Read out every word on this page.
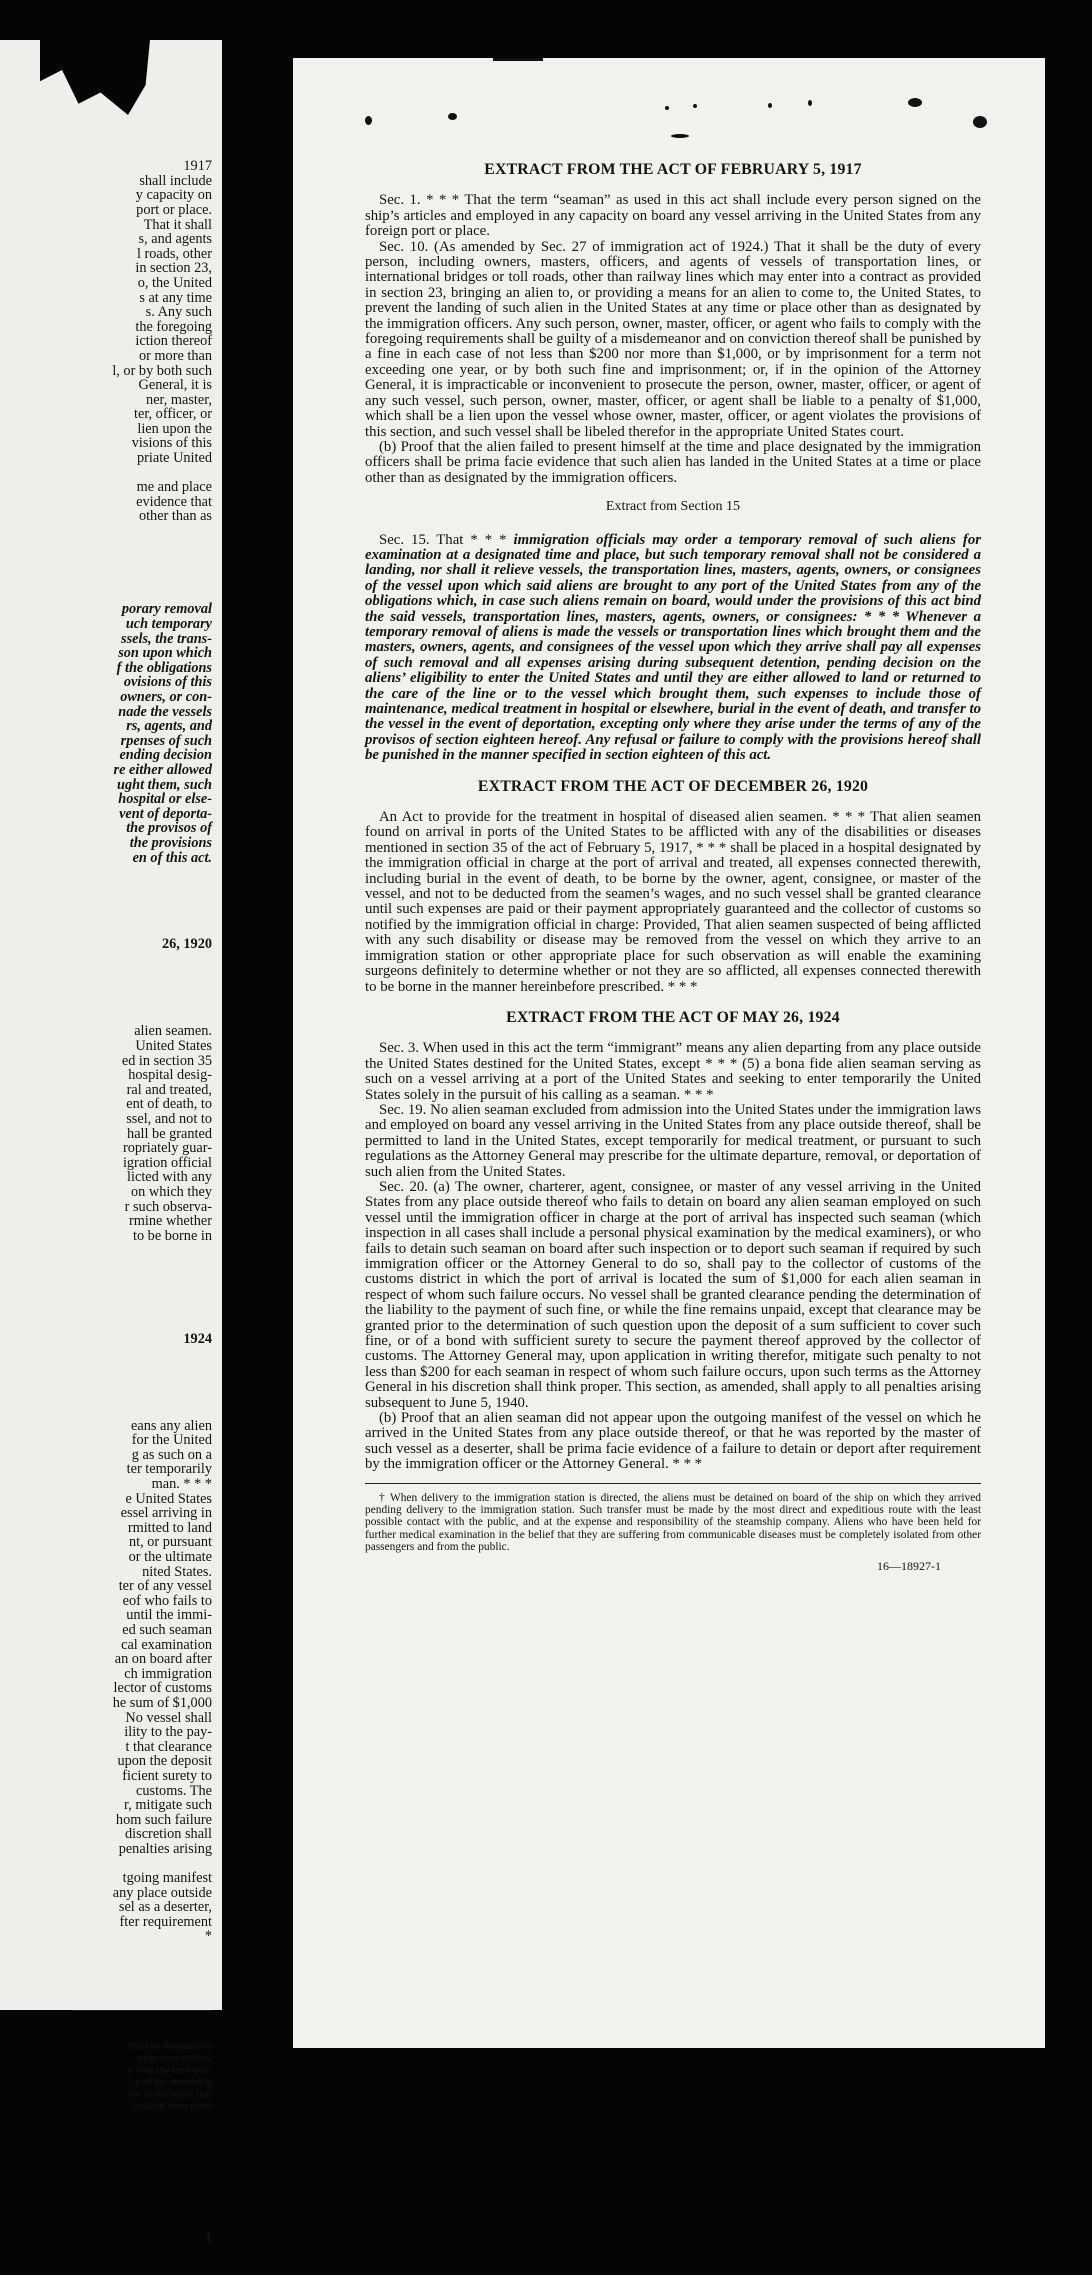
1917
shall include
y capacity on
port or place.
That it shall
s, and agents
l roads, other
in section 23,
o, the United
s at any time
s. Any such
the foregoing
iction thereof
or more than
l, or by both such
General, it is
ner, master,
ter, officer, or
lien upon the
visions of this
priate United

me and place
evidence that
other than as

porary removal
uch temporary
ssels, the trans-
son upon which
f the obligations
ovisions of this
owners, or con-
nade the vessels
rs, agents, and
rpenses of such
ending decision
re either allowed
ught them, such
hospital or else-
vent of deporta-
the provisos of
the provisions
en of this act.

26, 1920

alien seamen.
United States
ed in section 35
hospital desig-
ral and treated,
ent of death, to
ssel, and not to
hall be granted
ropriately guar-
igration official
licted with any
on which they
r such observa-
rmine whether
to be borne in

1924

eans any alien
for the United
g as such on a
ter temporarily
man. * * *
e United States
essel arriving in
rmitted to land
nt, or pursuant
or the ultimate
nited States.
ter of any vessel
eof who fails to
until the immi-
ed such seaman
cal examination
an on board after
ch immigration
lector of customs
he sum of $1,000
No vessel shall
ility to the pay-
t that clearance
upon the deposit
ficient surety to
customs. The
r, mitigate such
hom such failure
discretion shall
penalties arising

tgoing manifest
any place outside
sel as a deserter,
fter requirement
*

must be detained on
migration station.
e with the least pos-
y of the steamship
ion in the belief that
isolated from other

1

EXTRACT FROM THE ACT OF FEBRUARY 5, 1917

Sec. 1. * * * That the term “seaman” as used in this act shall include every person signed on the ship’s articles and employed in any capacity on board any vessel arriving in the United States from any foreign port or place.

Sec. 10. (As amended by Sec. 27 of immigration act of 1924.) That it shall be the duty of every person, including owners, masters, officers, and agents of vessels of transportation lines, or international bridges or toll roads, other than railway lines which may enter into a contract as provided in section 23, bringing an alien to, or providing a means for an alien to come to, the United States, to prevent the landing of such alien in the United States at any time or place other than as designated by the immigration officers. Any such person, owner, master, officer, or agent who fails to comply with the foregoing requirements shall be guilty of a misdemeanor and on conviction thereof shall be punished by a fine in each case of not less than $200 nor more than $1,000, or by imprisonment for a term not exceeding one year, or by both such fine and imprisonment; or, if in the opinion of the Attorney General, it is impracticable or inconvenient to prosecute the person, owner, master, officer, or agent of any such vessel, such person, owner, master, officer, or agent shall be liable to a penalty of $1,000, which shall be a lien upon the vessel whose owner, master, officer, or agent violates the provisions of this section, and such vessel shall be libeled therefor in the appropriate United States court.

(b) Proof that the alien failed to present himself at the time and place designated by the immigration officers shall be prima facie evidence that such alien has landed in the United States at a time or place other than as designated by the immigration officers.

Extract from Section 15

Sec. 15. That * * * immigration officials may order a temporary removal of such aliens for examination at a designated time and place, but such temporary removal shall not be considered a landing, nor shall it relieve vessels, the transportation lines, masters, agents, owners, or consignees of the vessel upon which said aliens are brought to any port of the United States from any of the obligations which, in case such aliens remain on board, would under the provisions of this act bind the said vessels, transportation lines, masters, agents, owners, or consignees: * * * Whenever a temporary removal of aliens is made the vessels or transportation lines which brought them and the masters, owners, agents, and consignees of the vessel upon which they arrive shall pay all expenses of such removal and all expenses arising during subsequent detention, pending decision on the aliens’ eligibility to enter the United States and until they are either allowed to land or returned to the care of the line or to the vessel which brought them, such expenses to include those of maintenance, medical treatment in hospital or elsewhere, burial in the event of death, and transfer to the vessel in the event of deportation, excepting only where they arise under the terms of any of the provisos of section eighteen hereof. Any refusal or failure to comply with the provisions hereof shall be punished in the manner specified in section eighteen of this act.

EXTRACT FROM THE ACT OF DECEMBER 26, 1920

An Act to provide for the treatment in hospital of diseased alien seamen. * * * That alien seamen found on arrival in ports of the United States to be afflicted with any of the disabilities or diseases mentioned in section 35 of the act of February 5, 1917, * * * shall be placed in a hospital designated by the immigration official in charge at the port of arrival and treated, all expenses connected therewith, including burial in the event of death, to be borne by the owner, agent, consignee, or master of the vessel, and not to be deducted from the seamen’s wages, and no such vessel shall be granted clearance until such expenses are paid or their payment appropriately guaranteed and the collector of customs so notified by the immigration official in charge: Provided, That alien seamen suspected of being afflicted with any such disability or disease may be removed from the vessel on which they arrive to an immigration station or other appropriate place for such observation as will enable the examining surgeons definitely to determine whether or not they are so afflicted, all expenses connected therewith to be borne in the manner hereinbefore prescribed. * * *

EXTRACT FROM THE ACT OF MAY 26, 1924

Sec. 3. When used in this act the term “immigrant” means any alien departing from any place outside the United States destined for the United States, except * * * (5) a bona fide alien seaman serving as such on a vessel arriving at a port of the United States and seeking to enter temporarily the United States solely in the pursuit of his calling as a seaman. * * *

Sec. 19. No alien seaman excluded from admission into the United States under the immigration laws and employed on board any vessel arriving in the United States from any place outside thereof, shall be permitted to land in the United States, except temporarily for medical treatment, or pursuant to such regulations as the Attorney General may prescribe for the ultimate departure, removal, or deportation of such alien from the United States.

Sec. 20. (a) The owner, charterer, agent, consignee, or master of any vessel arriving in the United States from any place outside thereof who fails to detain on board any alien seaman employed on such vessel until the immigration officer in charge at the port of arrival has inspected such seaman (which inspection in all cases shall include a personal physical examination by the medical examiners), or who fails to detain such seaman on board after such inspection or to deport such seaman if required by such immigration officer or the Attorney General to do so, shall pay to the collector of customs of the customs district in which the port of arrival is located the sum of $1,000 for each alien seaman in respect of whom such failure occurs. No vessel shall be granted clearance pending the determination of the liability to the payment of such fine, or while the fine remains unpaid, except that clearance may be granted prior to the determination of such question upon the deposit of a sum sufficient to cover such fine, or of a bond with sufficient surety to secure the payment thereof approved by the collector of customs. The Attorney General may, upon application in writing therefor, mitigate such penalty to not less than $200 for each seaman in respect of whom such failure occurs, upon such terms as the Attorney General in his discretion shall think proper. This section, as amended, shall apply to all penalties arising subsequent to June 5, 1940.

(b) Proof that an alien seaman did not appear upon the outgoing manifest of the vessel on which he arrived in the United States from any place outside thereof, or that he was reported by the master of such vessel as a deserter, shall be prima facie evidence of a failure to detain or deport after requirement by the immigration officer or the Attorney General. * * *

† When delivery to the immigration station is directed, the aliens must be detained on board of the ship on which they arrived pending delivery to the immigration station. Such transfer must be made by the most direct and expeditious route with the least possible contact with the public, and at the expense and responsibility of the steamship company. Aliens who have been held for further medical examination in the belief that they are suffering from communicable diseases must be completely isolated from other passengers and from the public.

16—18927-1
